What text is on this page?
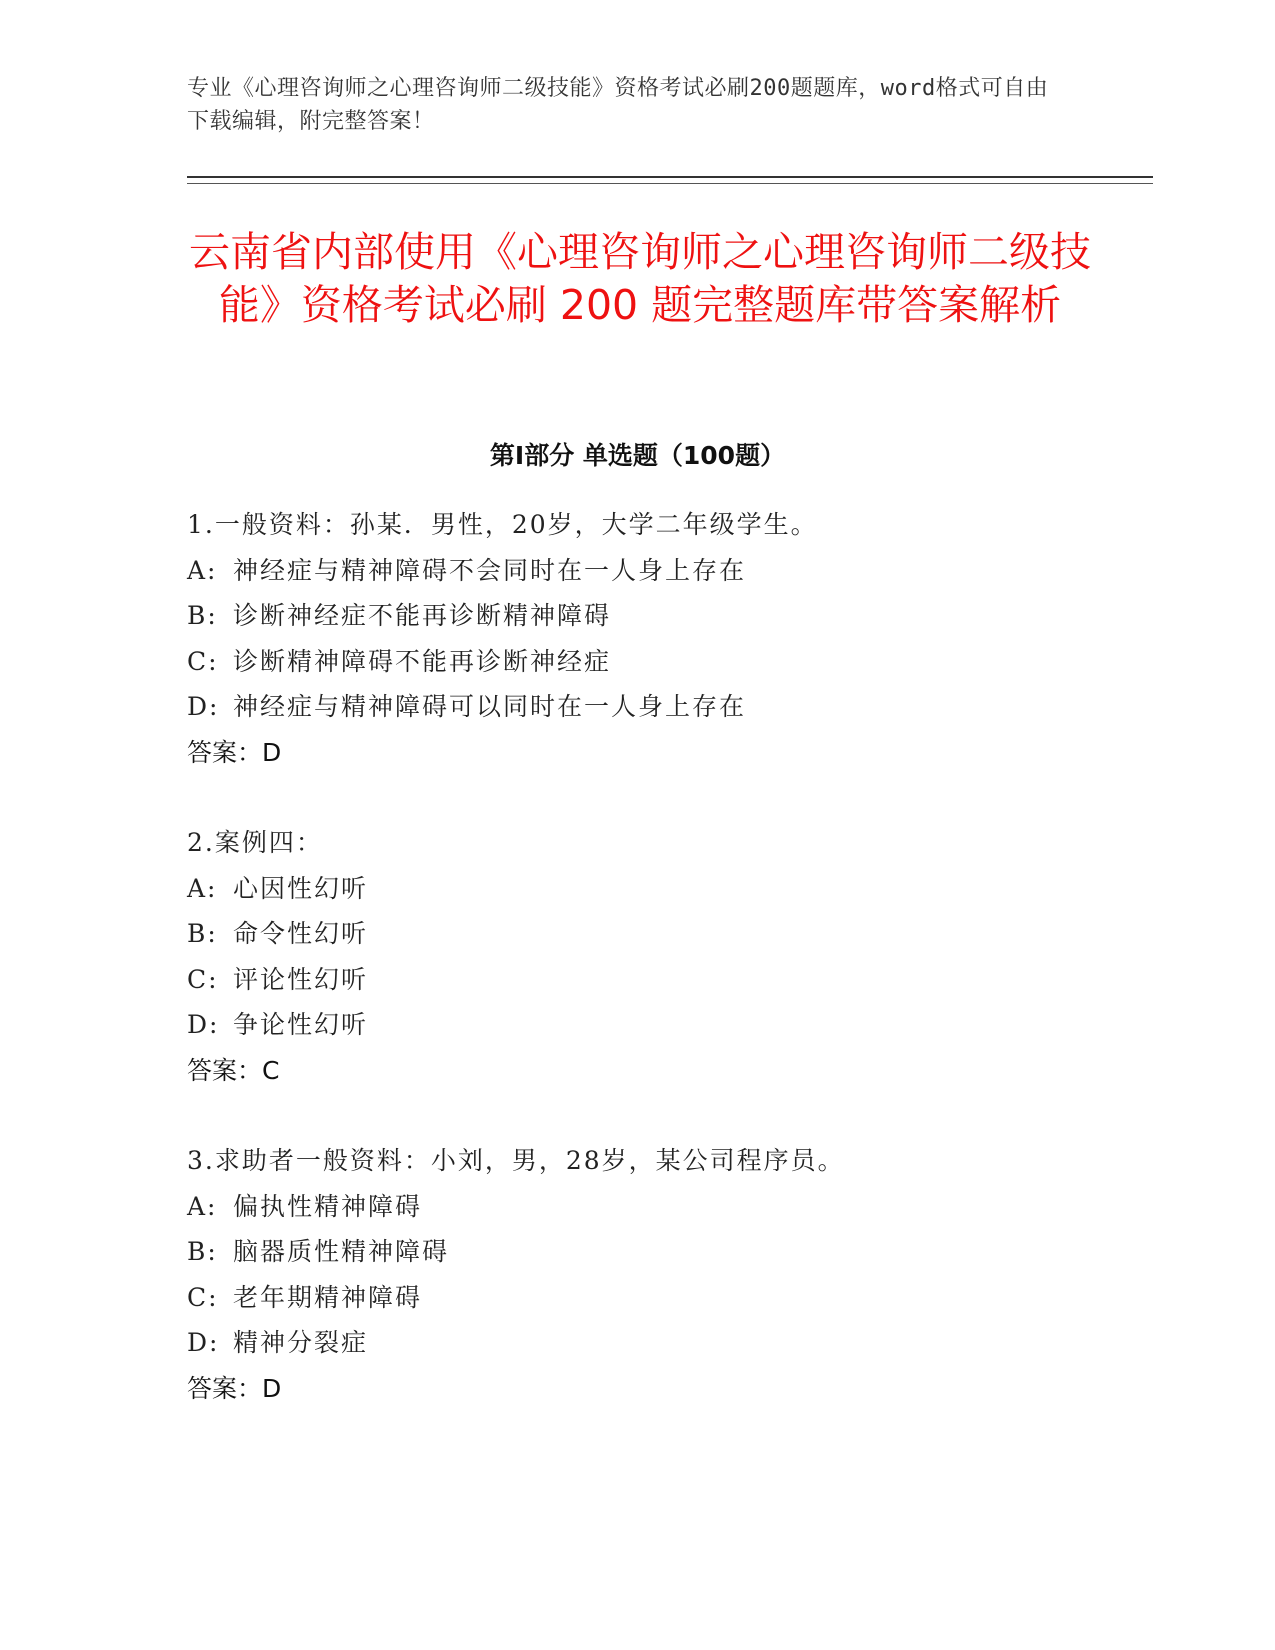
专业《心理咨询师之心理咨询师二级技能》资格考试必刷200题题库，word格式可自由下载编辑，附完整答案！
云南省内部使用《心理咨询师之心理咨询师二级技能》资格考试必刷 200 题完整题库带答案解析
第Ⅰ部分 单选题（100题）
1.一般资料：孙某．男性，20岁，大学二年级学生。
A: 神经症与精神障碍不会同时在一人身上存在
B: 诊断神经症不能再诊断精神障碍
C: 诊断精神障碍不能再诊断神经症
D: 神经症与精神障碍可以同时在一人身上存在
答案：D
2.案例四：
A: 心因性幻听
B: 命令性幻听
C: 评论性幻听
D: 争论性幻听
答案：C
3.求助者一般资料：小刘，男，28岁，某公司程序员。
A: 偏执性精神障碍
B: 脑器质性精神障碍
C: 老年期精神障碍
D: 精神分裂症
答案：D
